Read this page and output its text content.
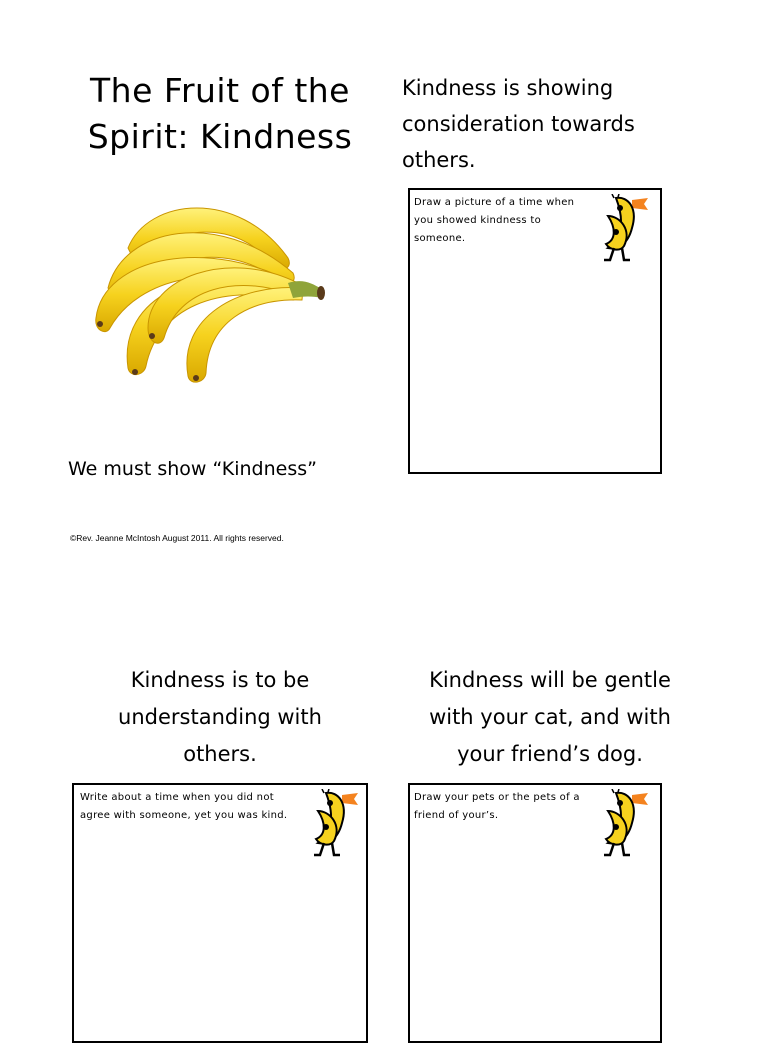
The Fruit of the
Spirit: Kindness
We must show “Kindness”
©Rev. Jeanne McIntosh August 2011. All rights reserved.
Kindness is showing
consideration towards
others.
Draw a picture of a time when
you showed kindness to
someone.
Kindness is to be
understanding with
others.
Write about a time when you did not
agree with someone, yet you was kind.
Kindness will be gentle
with your cat, and with
your friend’s dog.
Draw your pets or the pets of a
friend of your’s.
